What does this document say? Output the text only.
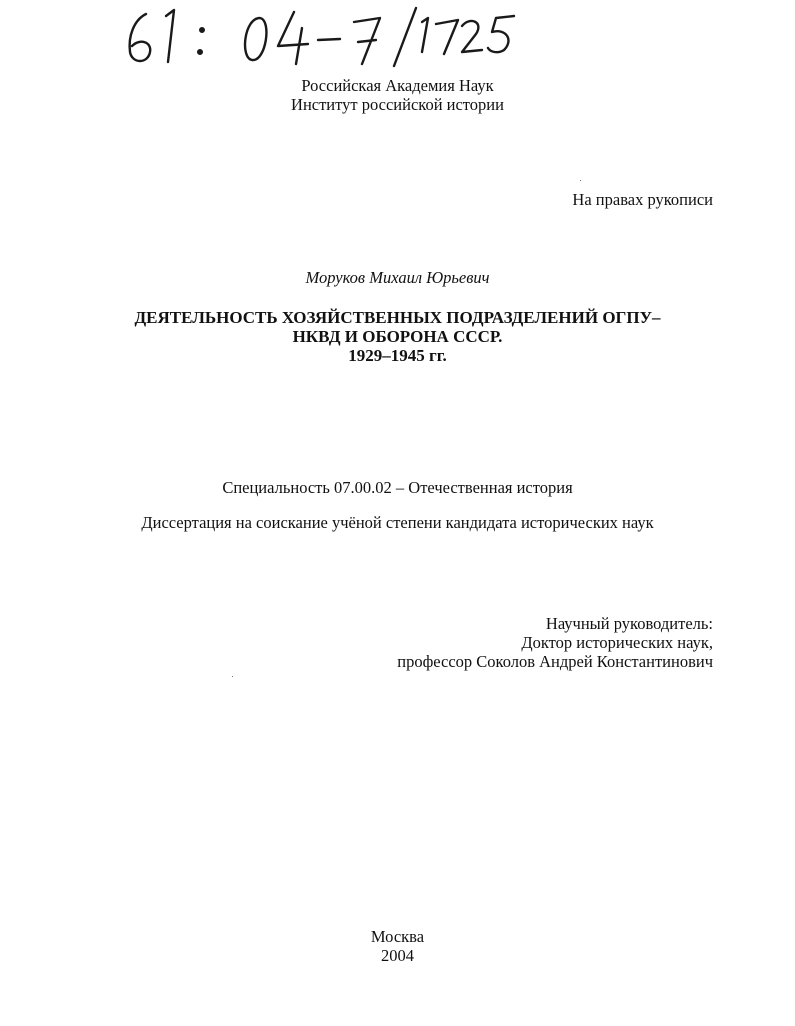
Российская Академия Наук
Институт российской истории
На правах рукописи
Моруков Михаил Юрьевич
ДЕЯТЕЛЬНОСТЬ ХОЗЯЙСТВЕННЫХ ПОДРАЗДЕЛЕНИЙ ОГПУ–
НКВД И ОБОРОНА СССР.
1929–1945 гг.
Специальность 07.00.02 – Отечественная история
Диссертация на соискание учёной степени кандидата исторических наук
Научный руководитель:
Доктор исторических наук,
профессор Соколов Андрей Константинович
Москва
2004
